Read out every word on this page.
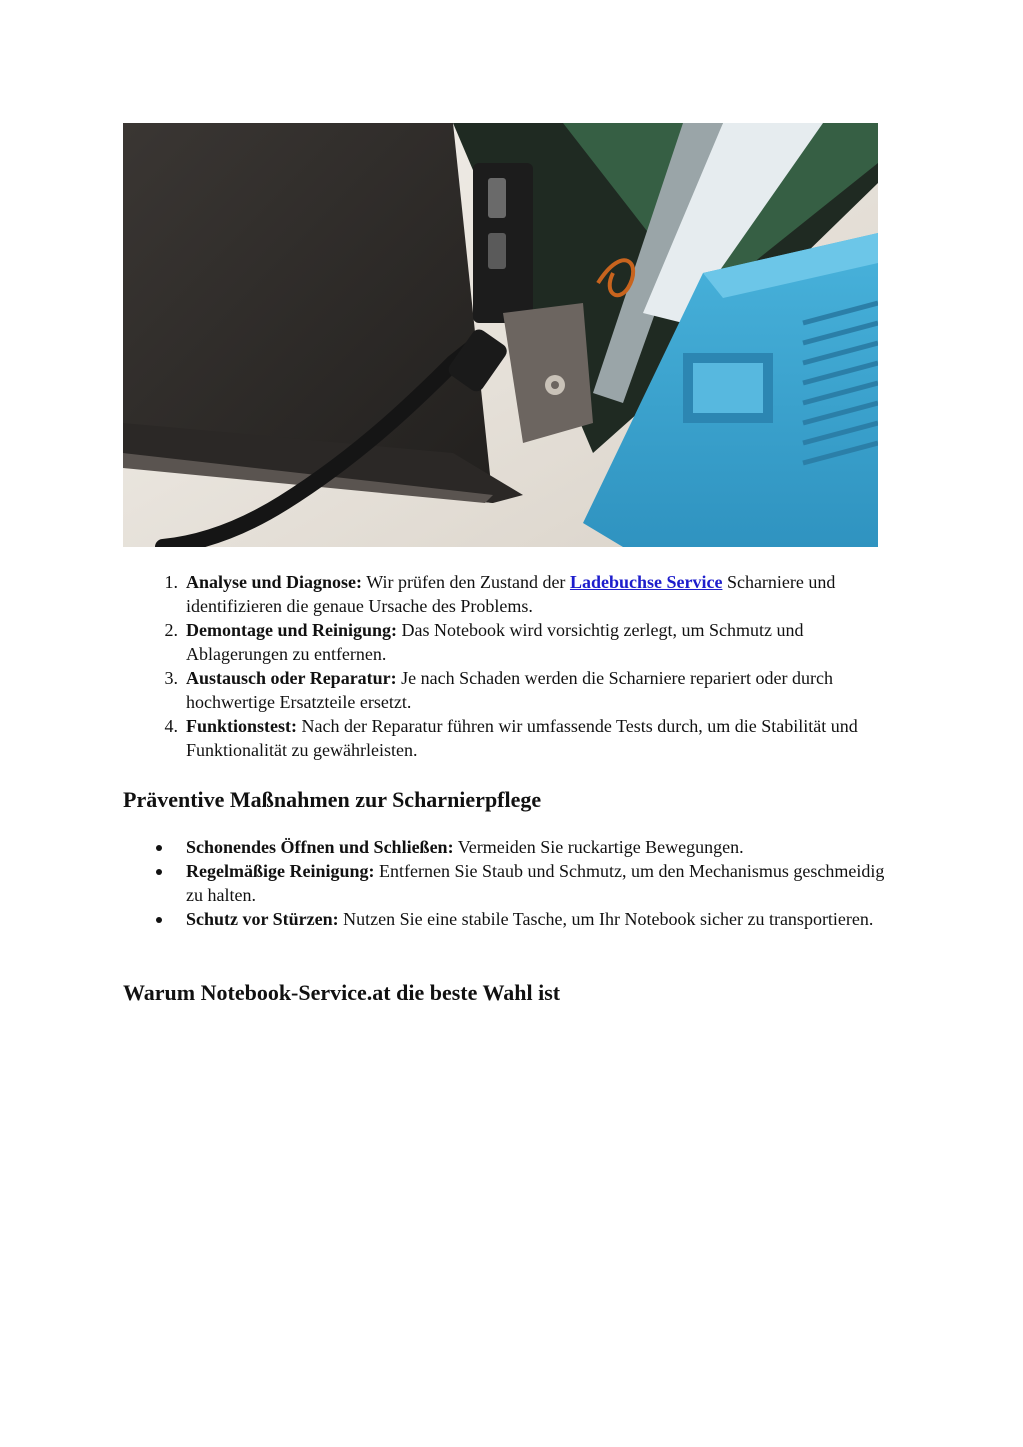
1. Analyse und Diagnose: Wir prüfen den Zustand der Ladebuchse Service Scharniere und identifizieren die genaue Ursache des Problems.
2. Demontage und Reinigung: Das Notebook wird vorsichtig zerlegt, um Schmutz und Ablagerungen zu entfernen.
3. Austausch oder Reparatur: Je nach Schaden werden die Scharniere repariert oder durch hochwertige Ersatzteile ersetzt.
4. Funktionstest: Nach der Reparatur führen wir umfassende Tests durch, um die Stabilität und Funktionalität zu gewährleisten.
Präventive Maßnahmen zur Scharnierpflege
Schonendes Öffnen und Schließen: Vermeiden Sie ruckartige Bewegungen.
Regelmäßige Reinigung: Entfernen Sie Staub und Schmutz, um den Mechanismus geschmeidig zu halten.
Schutz vor Stürzen: Nutzen Sie eine stabile Tasche, um Ihr Notebook sicher zu transportieren.
Warum Notebook-Service.at die beste Wahl ist
